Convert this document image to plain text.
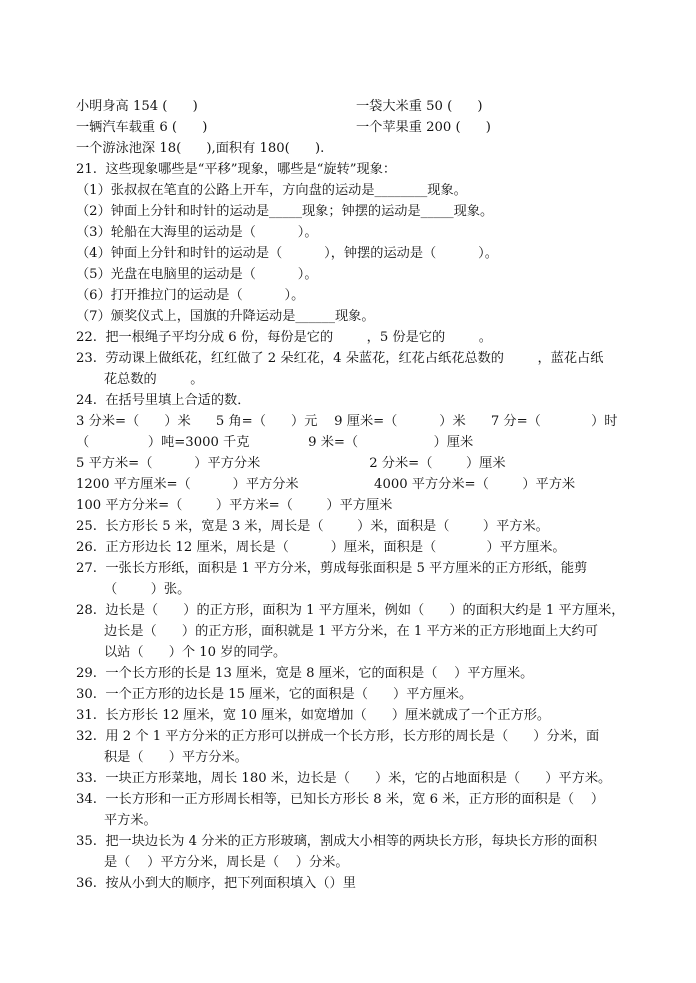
小明身高 154 (      )	一袋大米重 50 (      )
一辆汽车载重 6 (      )	一个苹果重 200 (      )
一个游泳池深 18(      ),面积有 180(      ).
21.  这些现象哪些是“平移”现象，哪些是“旋转”现象：
（1）张叔叔在笔直的公路上开车，方向盘的运动是________现象。
（2）钟面上分针和时针的运动是_____现象；钟摆的运动是_____现象。
（3）轮船在大海里的运动是（          ）。
（4）钟面上分针和时针的运动是（          ），钟摆的运动是（          ）。
（5）光盘在电脑里的运动是（          ）。
（6）打开推拉门的运动是（          ）。
（7）颁奖仪式上，国旗的升降运动是______现象。
22.  把一根绳子平均分成 6 份，每份是它的        ，5 份是它的        。
23.  劳动课上做纸花，红红做了 2 朵红花，4 朵蓝花，红花占纸花总数的        ，蓝花占纸
花总数的        。
24.  在括号里填上合适的数．
3 分米=（      ）米      5 角=（      ）元    9 厘米=（          ）米      7 分=（            ）时
（              ）吨=3000 千克              9 米=（                  ）厘米
5 平方米=（          ）平方分米                          2 分米=（        ）厘米
1200 平方厘米=（          ）平方分米                  4000 平方分米=（        ）平方米
100 平方分米=（        ）平方米=（        ）平方厘米
25.  长方形长 5 米，宽是 3 米，周长是（        ）米，面积是（        ）平方米。
26.  正方形边长 12 厘米，周长是（          ）厘米，面积是（            ）平方厘米。
27.  一张长方形纸，面积是 1 平方分米，剪成每张面积是 5 平方厘米的正方形纸，能剪
（        ）张。
28.  边长是（      ）的正方形，面积为 1 平方厘米，例如（      ）的面积大约是 1 平方厘米，
边长是（      ）的正方形，面积就是 1 平方分米，在 1 平方米的正方形地面上大约可
以站（      ）个 10 岁的同学。
29.  一个长方形的长是 13 厘米，宽是 8 厘米，它的面积是（    ）平方厘米。
30.  一个正方形的边长是 15 厘米，它的面积是（      ）平方厘米。
31.  长方形长 12 厘米，宽 10 厘米，如宽增加（      ）厘米就成了一个正方形。
32.  用 2 个 1 平方分米的正方形可以拼成一个长方形，长方形的周长是（      ）分米，面
积是（      ）平方分米。
33.  一块正方形菜地，周长 180 米，边长是（      ）米，它的占地面积是（      ）平方米。
34.  一长方形和一正方形周长相等，已知长方形长 8 米，宽 6 米，正方形的面积是（    ）
平方米。
35.  把一块边长为 4 分米的正方形玻璃，割成大小相等的两块长方形，每块长方形的面积
是（    ）平方分米，周长是（    ）分米。
36.  按从小到大的顺序，把下列面积填入（）里
